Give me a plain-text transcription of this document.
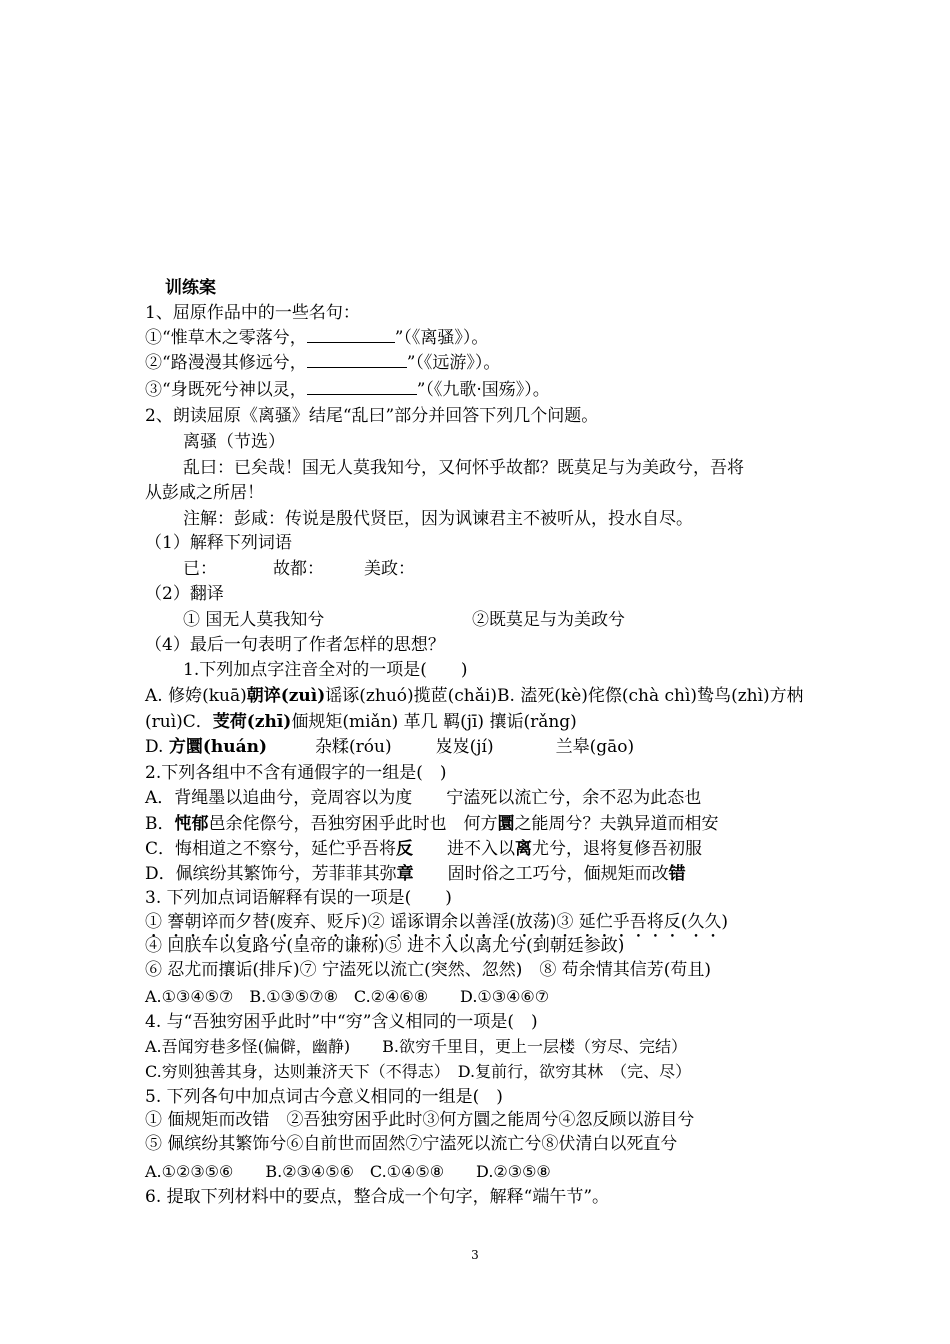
训练案
1、屈原作品中的一些名句：
①“惟草木之零落兮，	”（《离骚》）。
②“路漫漫其修远兮，	”（《远游》）。
③“身既死兮神以灵，	”（《九歌·国殇》）。
2、朗读屈原《离骚》结尾“乱曰”部分并回答下列几个问题。
离骚（节选）
乱曰：已矣哉！国无人莫我知兮，又何怀乎故都？既莫足与为美政兮，吾将
从彭咸之所居！
注解：彭咸：传说是殷代贤臣，因为讽谏君主不被听从，投水自尽。
（1）解释下列词语
已：	故都： 美政：
（2）翻译
① 国无人莫我知兮	②既莫足与为美政兮
（4）最后一句表明了作者怎样的思想？
1.下列加点字注音全对的一项是(　　)
A. 修姱(kuā)朝谇(zuì)谣诼(zhuó)揽茝(chǎi)B. 溘死(kè)侘傺(chà chì)鸷鸟(zhì)方枘
(ruì)C．芰荷(zhī)偭规矩(miǎn) 革几 羁(jī) 攘诟(rǎng)
D. 方圜(huán)	杂糅(róu)	岌岌(jí)	兰皋(gāo)
2.下列各组中不含有通假字的一组是(　)
A．背绳墨以追曲兮，竞周容以为度　　宁溘死以流亡兮，余不忍为此态也
B．忳郁邑余侘傺兮，吾独穷困乎此时也　何方圜之能周兮？夫孰异道而相安
C．悔相道之不察兮，延伫乎吾将反　　进不入以离尤兮，退将复修吾初服
D．佩缤纷其繁饰兮，芳菲菲其弥章　　固时俗之工巧兮，偭规矩而改错
3. 下列加点词语解释有误的一项是(　　)
① 謇朝谇而夕替(废弃、贬斥)② 谣诼谓余以善淫(放荡)③ 延伫乎吾将反(久久)
④ 回朕车以复路兮(皇帝的谦称)⑤ 进不入以离尤兮(到朝廷参政)
⑥ 忍尤而攘诟(排斥)⑦ 宁溘死以流亡(突然、忽然)　⑧ 苟余情其信芳(苟且)
A.①③④⑤⑦　B.①③⑤⑦⑧　C.②④⑥⑧　　D.①③④⑥⑦
4. 与“吾独穷困乎此时”中“穷”含义相同的一项是(　)
A.吾闻穷巷多怪(偏僻，幽静)　　B.欲穷千里目，更上一层楼（穷尽、完结）
C.穷则独善其身，达则兼济天下（不得志）　D.复前行，欲穷其林　（完、尽）
5. 下列各句中加点词古今意义相同的一组是(　)
① 偭规矩而改错　②吾独穷困乎此时③何方圜之能周兮④忽反顾以游目兮
⑤ 佩缤纷其繁饰兮⑥自前世而固然⑦宁溘死以流亡兮⑧伏清白以死直兮
A.①②③⑤⑥　　B.②③④⑤⑥　C.①④⑤⑧　　D.②③⑤⑧
6. 提取下列材料中的要点，整合成一个句字，解释“端午节”。
3
